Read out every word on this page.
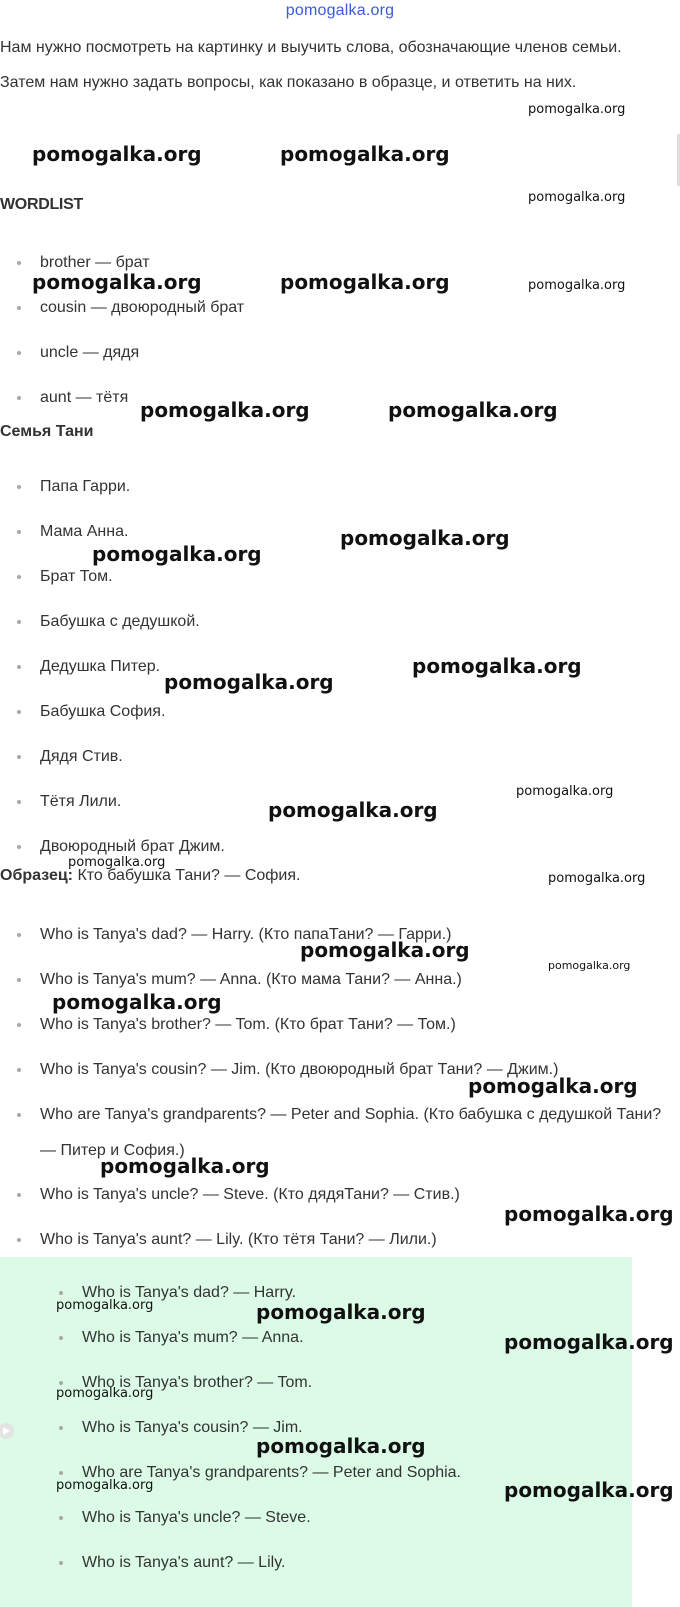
pomogalka.org

Нам нужно посмотреть на картинку и выучить слова, обозначающие членов семьи. Затем нам нужно задать вопросы, как показано в образце, и ответить на них.

WORDLIST
brother — брат
cousin — двоюродный брат
uncle — дядя
aunt — тётя
Семья Тани
Папа Гарри.
Мама Анна.
Брат Том.
Бабушка с дедушкой.
Дедушка Питер.
Бабушка София.
Дядя Стив.
Тётя Лили.
Двоюродный брат Джим.
Образец: Кто бабушка Тани? — София.
Who is Tanya's dad? — Harry. (Кто папаТани? — Гарри.)
Who is Tanya's mum? — Anna. (Кто мама Тани? — Анна.)
Who is Tanya's brother? — Tom. (Кто брат Тани? — Том.)
Who is Tanya's cousin? — Jim. (Кто двоюродный брат Тани? — Джим.)
Who are Tanya's grandparents? — Peter and Sophia. (Кто бабушка с дедушкой Тани? — Питер и София.)
Who is Tanya's uncle? — Steve. (Кто дядяТани? — Стив.)
Who is Tanya's aunt? — Lily. (Кто тётя Тани? — Лили.)
Who is Tanya's dad? — Harry.
Who is Tanya's mum? — Anna.
Who is Tanya's brother? — Tom.
Who is Tanya's cousin? — Jim.
Who are Tanya's grandparents? — Peter and Sophia.
Who is Tanya's uncle? — Steve.
Who is Tanya's aunt? — Lily.
pomogalka.org
pomogalka.org	pomogalka.org
pomogalka.org
pomogalka.org	pomogalka.org	pomogalka.org
pomogalka.org	pomogalka.org
pomogalka.org
pomogalka.org
pomogalka.org
pomogalka.org
pomogalka.org
pomogalka.org
pomogalka.org
pomogalka.org
pomogalka.org
pomogalka.org
pomogalka.org
pomogalka.org
pomogalka.org
pomogalka.org
pomogalka.org	pomogalka.org
pomogalka.org
pomogalka.org
pomogalka.org
pomogalka.org	pomogalka.org
